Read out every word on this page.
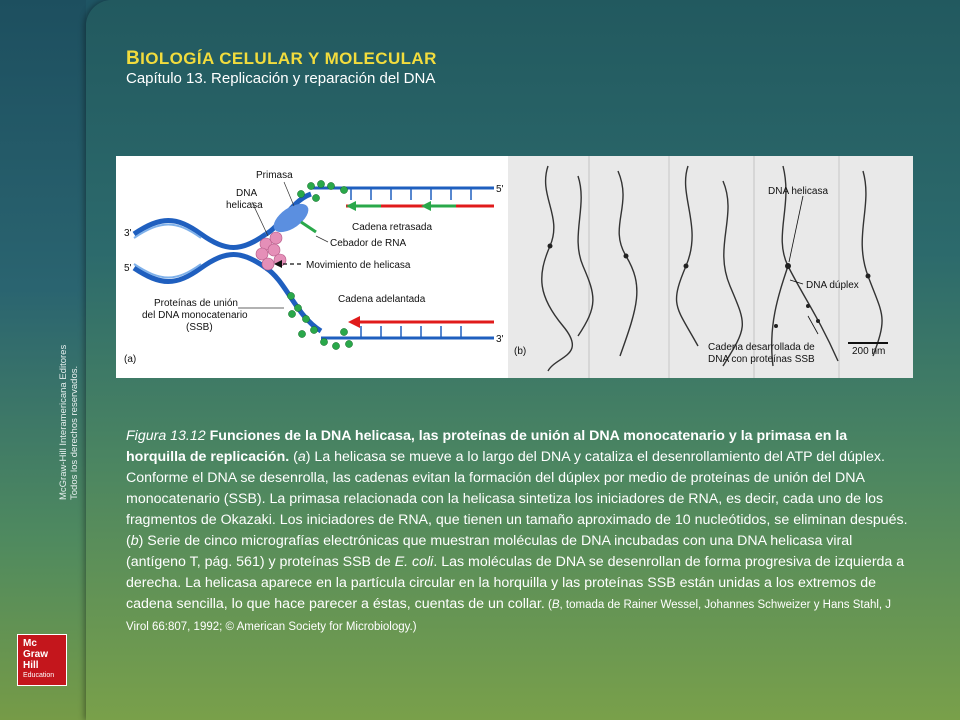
McGraw-Hill Interamericana Editores Todos los derechos reservados.
Mc
Graw
Hill
Education
BIOLOGÍA CELULAR Y MOLECULAR
Capítulo 13. Replicación y reparación del DNA
Primasa
DNA
helicasa
Cadena retrasada
Cebador de RNA
Movimiento de helicasa
Cadena adelantada
Proteínas de unión
del DNA monocatenario
(SSB)
3'
5'
5'
3'
(a)
DNA helicasa
DNA dúplex
Cadena desarrollada de
DNA con proteínas SSB
200 nm
(b)
Figura 13.12 Funciones de la DNA helicasa, las proteínas de unión al DNA monocatenario y la primasa en la horquilla de replicación. (a) La helicasa se mueve a lo largo del DNA y cataliza el desenrollamiento del ATP del dúplex. Conforme el DNA se desenrolla, las cadenas evitan la formación del dúplex por medio de proteínas de unión del DNA monocatenario (SSB). La primasa relacionada con la helicasa sintetiza los iniciadores de RNA, es decir, cada uno de los fragmentos de Okazaki. Los iniciadores de RNA, que tienen un tamaño aproximado de 10 nucleótidos, se eliminan después. (b) Serie de cinco micrografías electrónicas que muestran moléculas de DNA incubadas con una DNA helicasa viral (antígeno T, pág. 561) y proteínas SSB de E. coli. Las moléculas de DNA se desenrollan de forma progresiva de izquierda a derecha. La helicasa aparece en la partícula circular en la horquilla y las proteínas SSB están unidas a los extremos de cadena sencilla, lo que hace parecer a éstas, cuentas de un collar. (B, tomada de Rainer Wessel, Johannes Schweizer y Hans Stahl, J Virol 66:807, 1992; © American Society for Microbiology.)
